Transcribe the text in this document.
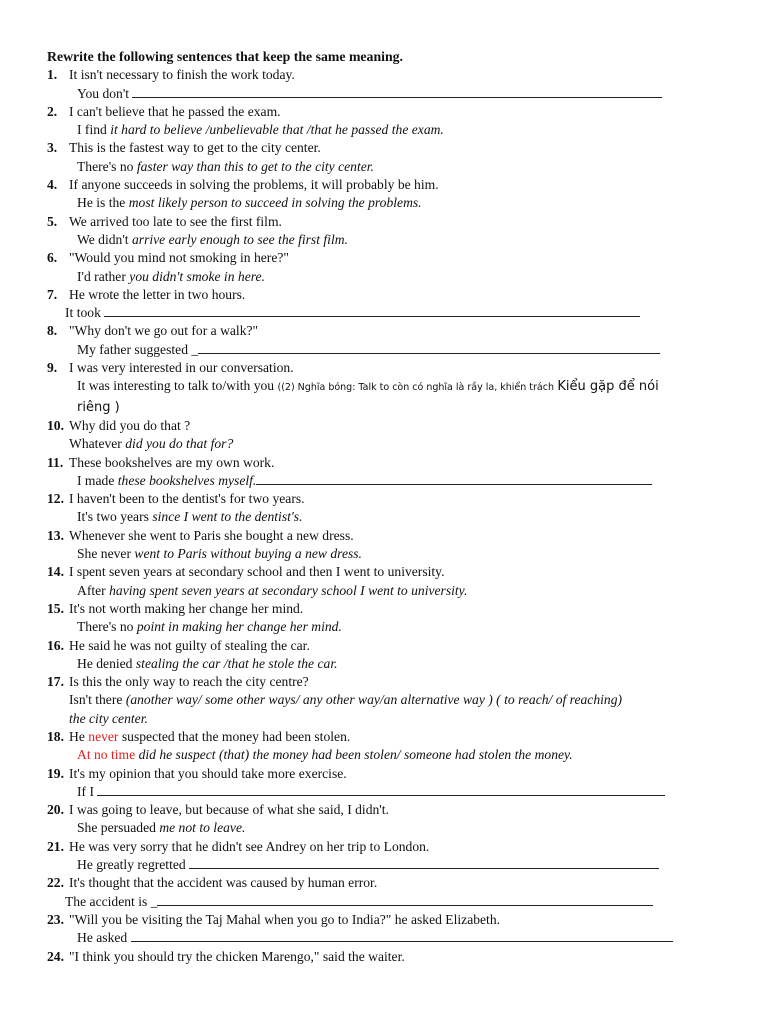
Rewrite the following sentences that keep the same meaning.
1. It isn't necessary to finish the work today.
You don't
2. I can't believe that he passed the exam.
I find it hard to believe /unbelievable that /that he passed the exam.
3. This is the fastest way to get to the city center.
There's no faster way than this to get to the city center.
4. If anyone succeeds in solving the problems, it will probably be him.
He is the most likely person to succeed in solving the problems.
5. We arrived too late to see the first film.
We didn't arrive early enough to see the first film.
6. "Would you mind not smoking in here?"
I'd rather you didn't smoke in here.
7. He wrote the letter in two hours.
It took
8. "Why don't we go out for a walk?"
My father suggested _
9. I was very interested in our conversation.
It was interesting to talk to/with you ((2) Nghĩa bóng: Talk to còn có nghĩa là rầy la, khiển trách Kiểu gặp để nói
riêng )
10. Why did you do that ?
Whatever did you do that for?
11. These bookshelves are my own work.
I made these bookshelves myself.
12. I haven't been to the dentist's for two years.
It's two years since I went to the dentist's.
13. Whenever she went to Paris she bought a new dress.
She never went to Paris without buying a new dress.
14. I spent seven years at secondary school and then I went to university.
After having spent seven years at secondary school I went to university.
15. It's not worth making her change her mind.
There's no point in making her change her mind.
16. He said he was not guilty of stealing the car.
He denied stealing the car /that he stole the car.
17. Is this the only way to reach the city centre?
Isn't there (another way/ some other ways/ any other way/an alternative way ) ( to reach/ of reaching)
the city center.
18. He never suspected that the money had been stolen.
At no time did he suspect (that) the money had been stolen/ someone had stolen the money.
19. It's my opinion that you should take more exercise.
If I
20. I was going to leave, but because of what she said, I didn't.
She persuaded me not to leave.
21. He was very sorry that he didn't see Andrey on her trip to London.
He greatly regretted
22. It's thought that the accident was caused by human error.
The accident is _
23. "Will you be visiting the Taj Mahal when you go to India?" he asked Elizabeth.
He asked
24. "I think you should try the chicken Marengo," said the waiter.
